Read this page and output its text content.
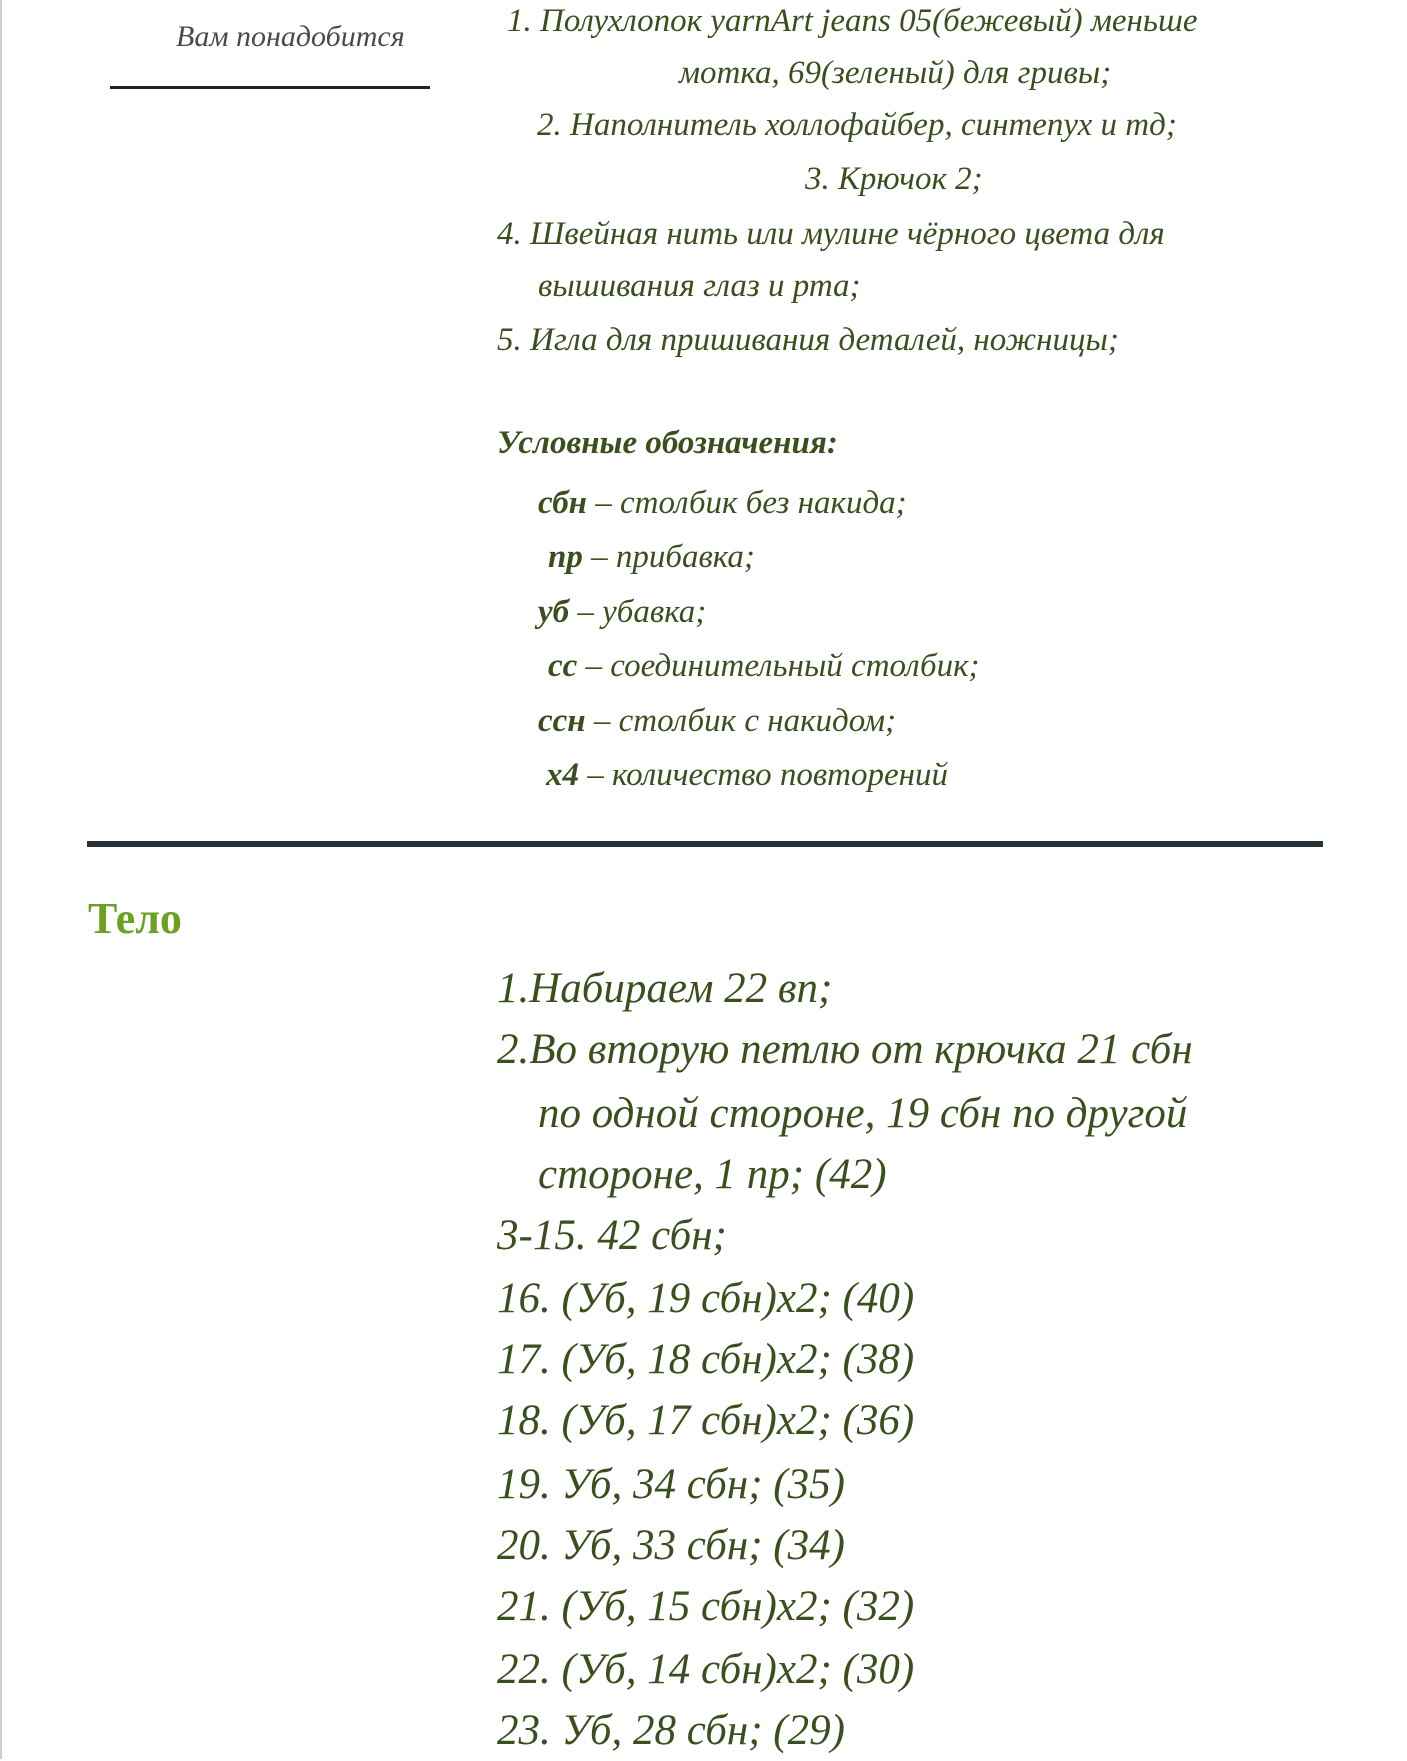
Вам понадобится	1. Полухлопок yarnArt jeans 05(бежевый) меньше
мотка, 69(зеленый) для гривы;
2. Наполнитель холлофайбер, синтепух и тд;
3. Крючок 2;
4. Швейная нить или мулине чёрного цвета для
вышивания глаз и рта;
5. Игла для пришивания деталей, ножницы;
Условные обозначения:
сбн – столбик без накида;
пр – прибавка;
уб – убавка;
сс – соединительный столбик;
ссн – столбик с накидом;
х4 – количество повторений
Тело
1.Набираем 22 вп;
2.Во вторую петлю от крючка 21 сбн
по одной стороне, 19 сбн по другой
стороне, 1 пр; (42)
3-15. 42 сбн;
16. (Уб, 19 сбн)х2; (40)
17. (Уб, 18 сбн)х2; (38)
18. (Уб, 17 сбн)х2; (36)
19. Уб, 34 сбн; (35)
20. Уб, 33 сбн; (34)
21. (Уб, 15 сбн)х2; (32)
22. (Уб, 14 сбн)х2; (30)
23. Уб, 28 сбн; (29)
